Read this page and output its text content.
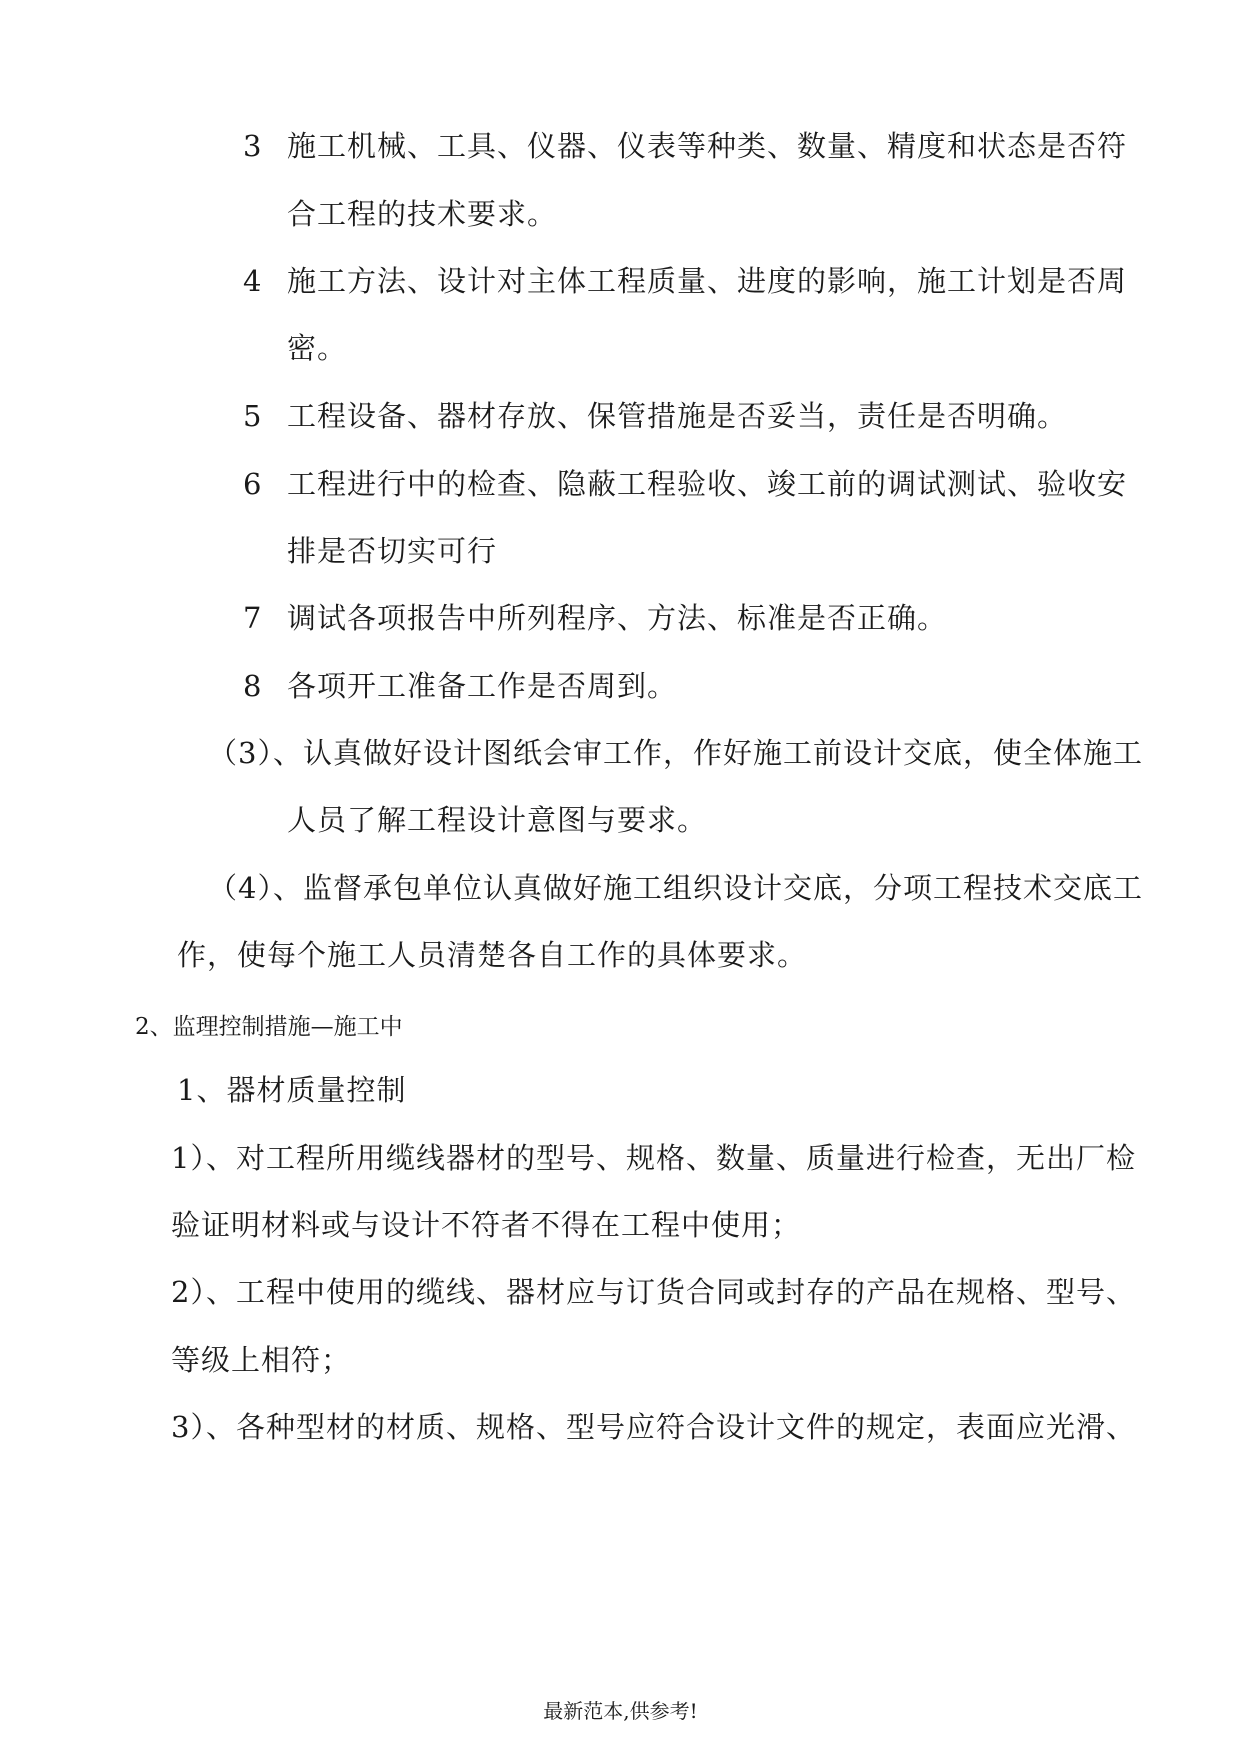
3 施工机械、工具、仪器、仪表等种类、数量、精度和状态是否符
合工程的技术要求。
4 施工方法、设计对主体工程质量、进度的影响，施工计划是否周
密。
5 工程设备、器材存放、保管措施是否妥当，责任是否明确。
6 工程进行中的检查、隐蔽工程验收、竣工前的调试测试、验收安
排是否切实可行
7 调试各项报告中所列程序、方法、标准是否正确。
8 各项开工准备工作是否周到。
（3）、认真做好设计图纸会审工作，作好施工前设计交底，使全体施工
人员了解工程设计意图与要求。
（4）、监督承包单位认真做好施工组织设计交底，分项工程技术交底工
作，使每个施工人员清楚各自工作的具体要求。
2、监理控制措施—施工中
1、器材质量控制
1）、对工程所用缆线器材的型号、规格、数量、质量进行检查，无出厂检
验证明材料或与设计不符者不得在工程中使用；
2）、工程中使用的缆线、器材应与订货合同或封存的产品在规格、型号、
等级上相符；
3）、各种型材的材质、规格、型号应符合设计文件的规定，表面应光滑、
最新范本,供参考!
